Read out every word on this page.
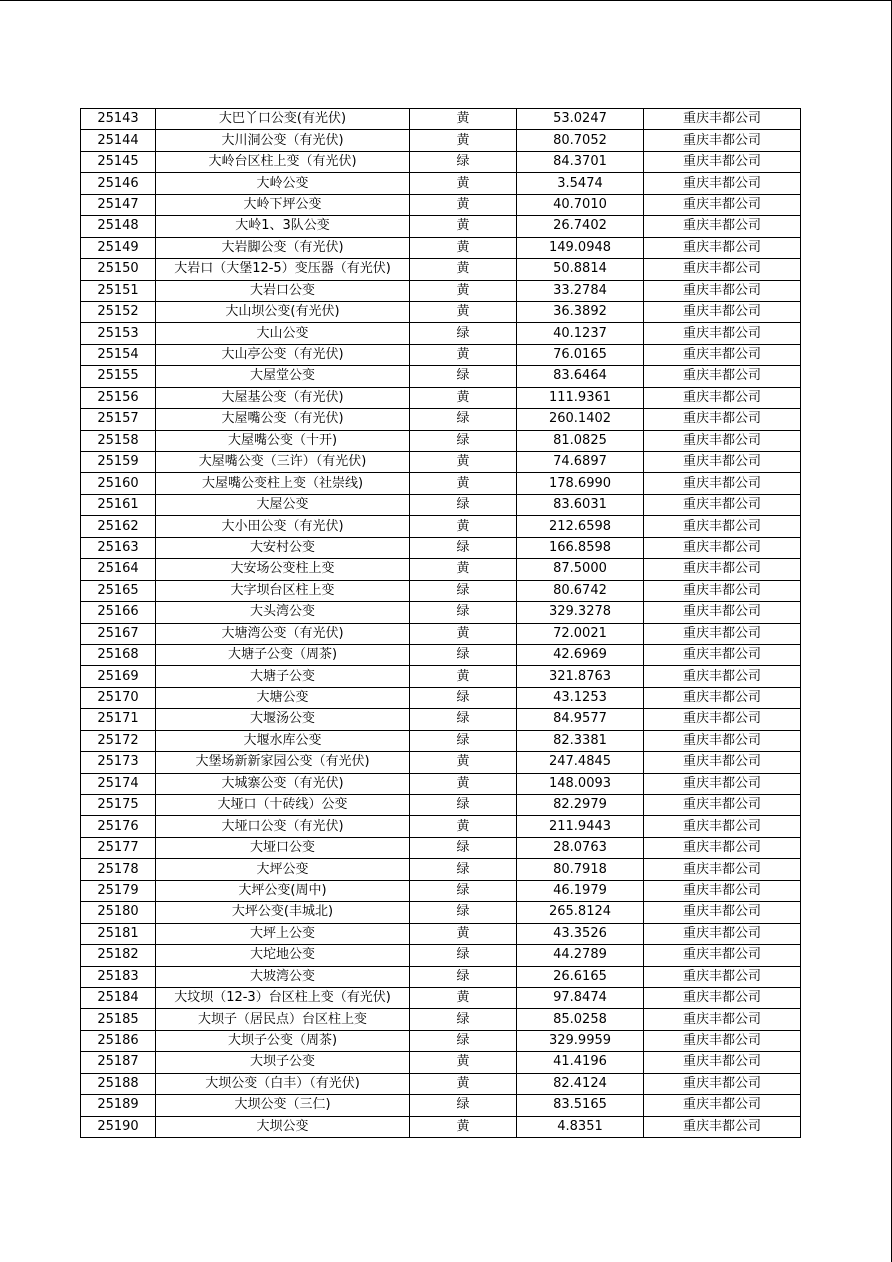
25143	大巴丫口公变(有光伏)	黄	53.0247	重庆丰都公司
25144	大川洞公变（有光伏)	黄	80.7052	重庆丰都公司
25145	大岭台区柱上变（有光伏)	绿	84.3701	重庆丰都公司
25146	大岭公变	黄	3.5474	重庆丰都公司
25147	大岭下坪公变	黄	40.7010	重庆丰都公司
25148	大岭1、3队公变	黄	26.7402	重庆丰都公司
25149	大岩脚公变（有光伏)	黄	149.0948	重庆丰都公司
25150	大岩口（大堡12-5）变压器（有光伏)	黄	50.8814	重庆丰都公司
25151	大岩口公变	黄	33.2784	重庆丰都公司
25152	大山坝公变(有光伏)	黄	36.3892	重庆丰都公司
25153	大山公变	绿	40.1237	重庆丰都公司
25154	大山亭公变（有光伏)	黄	76.0165	重庆丰都公司
25155	大屋堂公变	绿	83.6464	重庆丰都公司
25156	大屋基公变（有光伏)	黄	111.9361	重庆丰都公司
25157	大屋嘴公变（有光伏)	绿	260.1402	重庆丰都公司
25158	大屋嘴公变（十开)	绿	81.0825	重庆丰都公司
25159	大屋嘴公变（三许）（有光伏)	黄	74.6897	重庆丰都公司
25160	大屋嘴公变柱上变（社崇线)	黄	178.6990	重庆丰都公司
25161	大屋公变	绿	83.6031	重庆丰都公司
25162	大小田公变（有光伏)	黄	212.6598	重庆丰都公司
25163	大安村公变	绿	166.8598	重庆丰都公司
25164	大安场公变柱上变	黄	87.5000	重庆丰都公司
25165	大字坝台区柱上变	绿	80.6742	重庆丰都公司
25166	大头湾公变	绿	329.3278	重庆丰都公司
25167	大塘湾公变（有光伏)	黄	72.0021	重庆丰都公司
25168	大塘子公变（周茶)	绿	42.6969	重庆丰都公司
25169	大塘子公变	黄	321.8763	重庆丰都公司
25170	大塘公变	绿	43.1253	重庆丰都公司
25171	大堰汤公变	绿	84.9577	重庆丰都公司
25172	大堰水库公变	绿	82.3381	重庆丰都公司
25173	大堡场新新家园公变（有光伏)	黄	247.4845	重庆丰都公司
25174	大城寨公变（有光伏)	黄	148.0093	重庆丰都公司
25175	大垭口（十砖线）公变	绿	82.2979	重庆丰都公司
25176	大垭口公变（有光伏)	黄	211.9443	重庆丰都公司
25177	大垭口公变	绿	28.0763	重庆丰都公司
25178	大坪公变	绿	80.7918	重庆丰都公司
25179	大坪公变(周中)	绿	46.1979	重庆丰都公司
25180	大坪公变(丰城北)	绿	265.8124	重庆丰都公司
25181	大坪上公变	黄	43.3526	重庆丰都公司
25182	大坨地公变	绿	44.2789	重庆丰都公司
25183	大坡湾公变	绿	26.6165	重庆丰都公司
25184	大坟坝（12-3）台区柱上变（有光伏)	黄	97.8474	重庆丰都公司
25185	大坝子（居民点）台区柱上变	绿	85.0258	重庆丰都公司
25186	大坝子公变（周茶)	绿	329.9959	重庆丰都公司
25187	大坝子公变	黄	41.4196	重庆丰都公司
25188	大坝公变（白丰）（有光伏)	黄	82.4124	重庆丰都公司
25189	大坝公变（三仁)	绿	83.5165	重庆丰都公司
25190	大坝公变	黄	4.8351	重庆丰都公司
